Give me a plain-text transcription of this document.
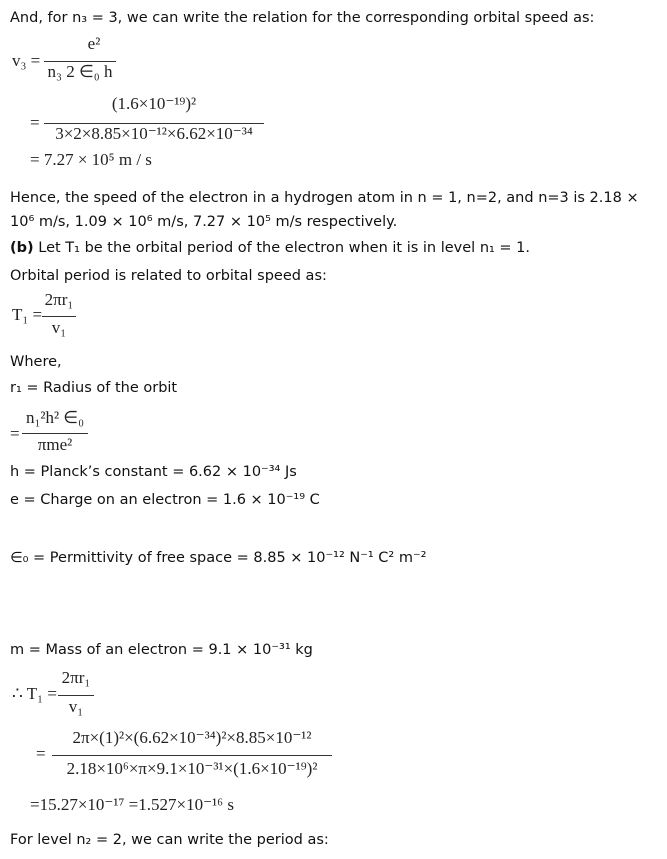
And, for n₃ = 3, we can write the relation for the corresponding orbital speed as:
v₃ =
e²
n₃ 2 ∈₀ h
=
(1.6×10⁻¹⁹)²
3×2×8.85×10⁻¹²×6.62×10⁻³⁴
= 7.27 × 10⁵ m / s
Hence, the speed of the electron in a hydrogen atom in n = 1, n=2, and n=3 is 2.18 ×
10⁶ m/s, 1.09 × 10⁶ m/s, 7.27 × 10⁵ m/s respectively.
(b) Let T₁ be the orbital period of the electron when it is in level n₁ = 1.
Orbital period is related to orbital speed as:
T₁ =
2πr₁
v₁
Where,
r₁ = Radius of the orbit
=
n₁²h² ∈₀
πme²
h = Planck’s constant = 6.62 × 10⁻³⁴ Js
e = Charge on an electron = 1.6 × 10⁻¹⁹ C
∈₀ = Permittivity of free space = 8.85 × 10⁻¹² N⁻¹ C² m⁻²
m = Mass of an electron = 9.1 × 10⁻³¹ kg
∴ T₁ =
2πr₁
v₁
=
2π×(1)²×(6.62×10⁻³⁴)²×8.85×10⁻¹²
2.18×10⁶×π×9.1×10⁻³¹×(1.6×10⁻¹⁹)²
=15.27×10⁻¹⁷ =1.527×10⁻¹⁶ s
For level n₂ = 2, we can write the period as:
